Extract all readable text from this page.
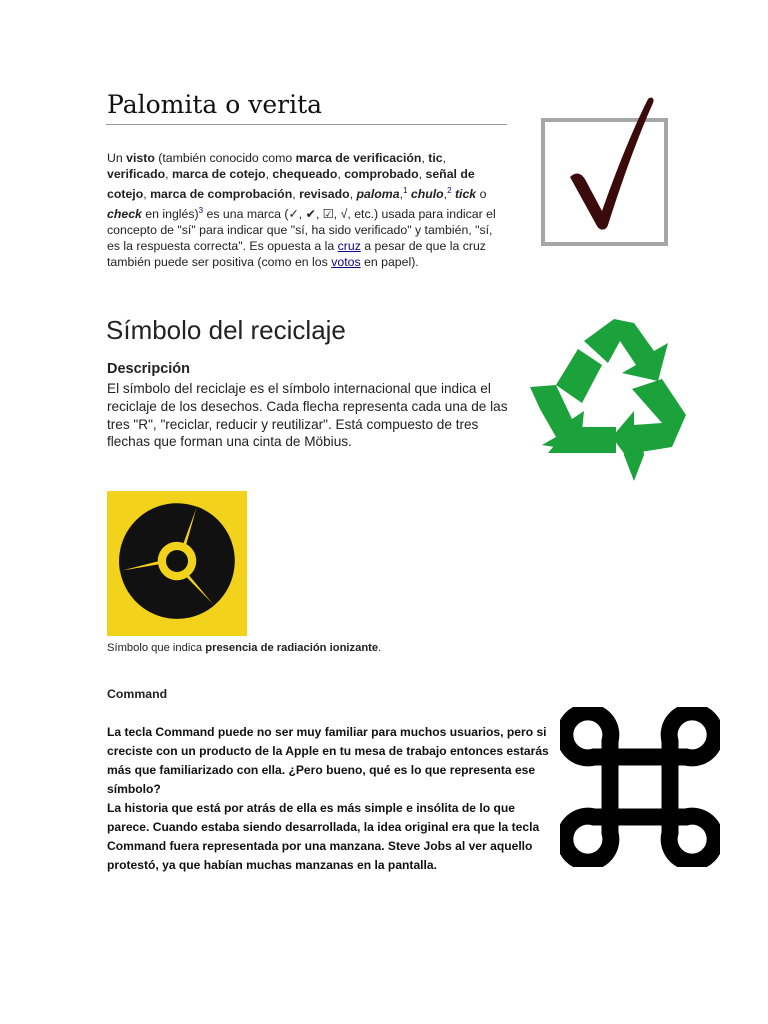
Palomita o verita
Un visto (también conocido como marca de verificación, tic, verificado, marca de cotejo, chequeado, comprobado, señal de cotejo, marca de comprobación, revisado, paloma,$^1$ chulo,$^2$ tick o check en inglés)$^3$ es una marca (✓, ✔, ☑, √, etc.) usada para indicar el concepto de "sí" para indicar que "sí, ha sido verificado" y también, "sí, es la respuesta correcta". Es opuesta a la cruz a pesar de que la cruz también puede ser positiva (como en los votos en papel).
Símbolo del reciclaje
Descripción
El símbolo del reciclaje es el símbolo internacional que indica el reciclaje de los desechos. Cada flecha representa cada una de las tres "R", "reciclar, reducir y reutilizar". Está compuesto de tres flechas que forman una cinta de Möbius.
Símbolo que indica presencia de radiación ionizante.
Command
La tecla Command puede no ser muy familiar para muchos usuarios, pero si creciste con un producto de la Apple en tu mesa de trabajo entonces estarás más que familiarizado con ella. ¿Pero bueno, qué es lo que representa ese símbolo?
La historia que está por atrás de ella es más simple e insólita de lo que parece. Cuando estaba siendo desarrollada, la idea original era que la tecla Command fuera representada por una manzana. Steve Jobs al ver aquello protestó, ya que habían muchas manzanas en la pantalla.
